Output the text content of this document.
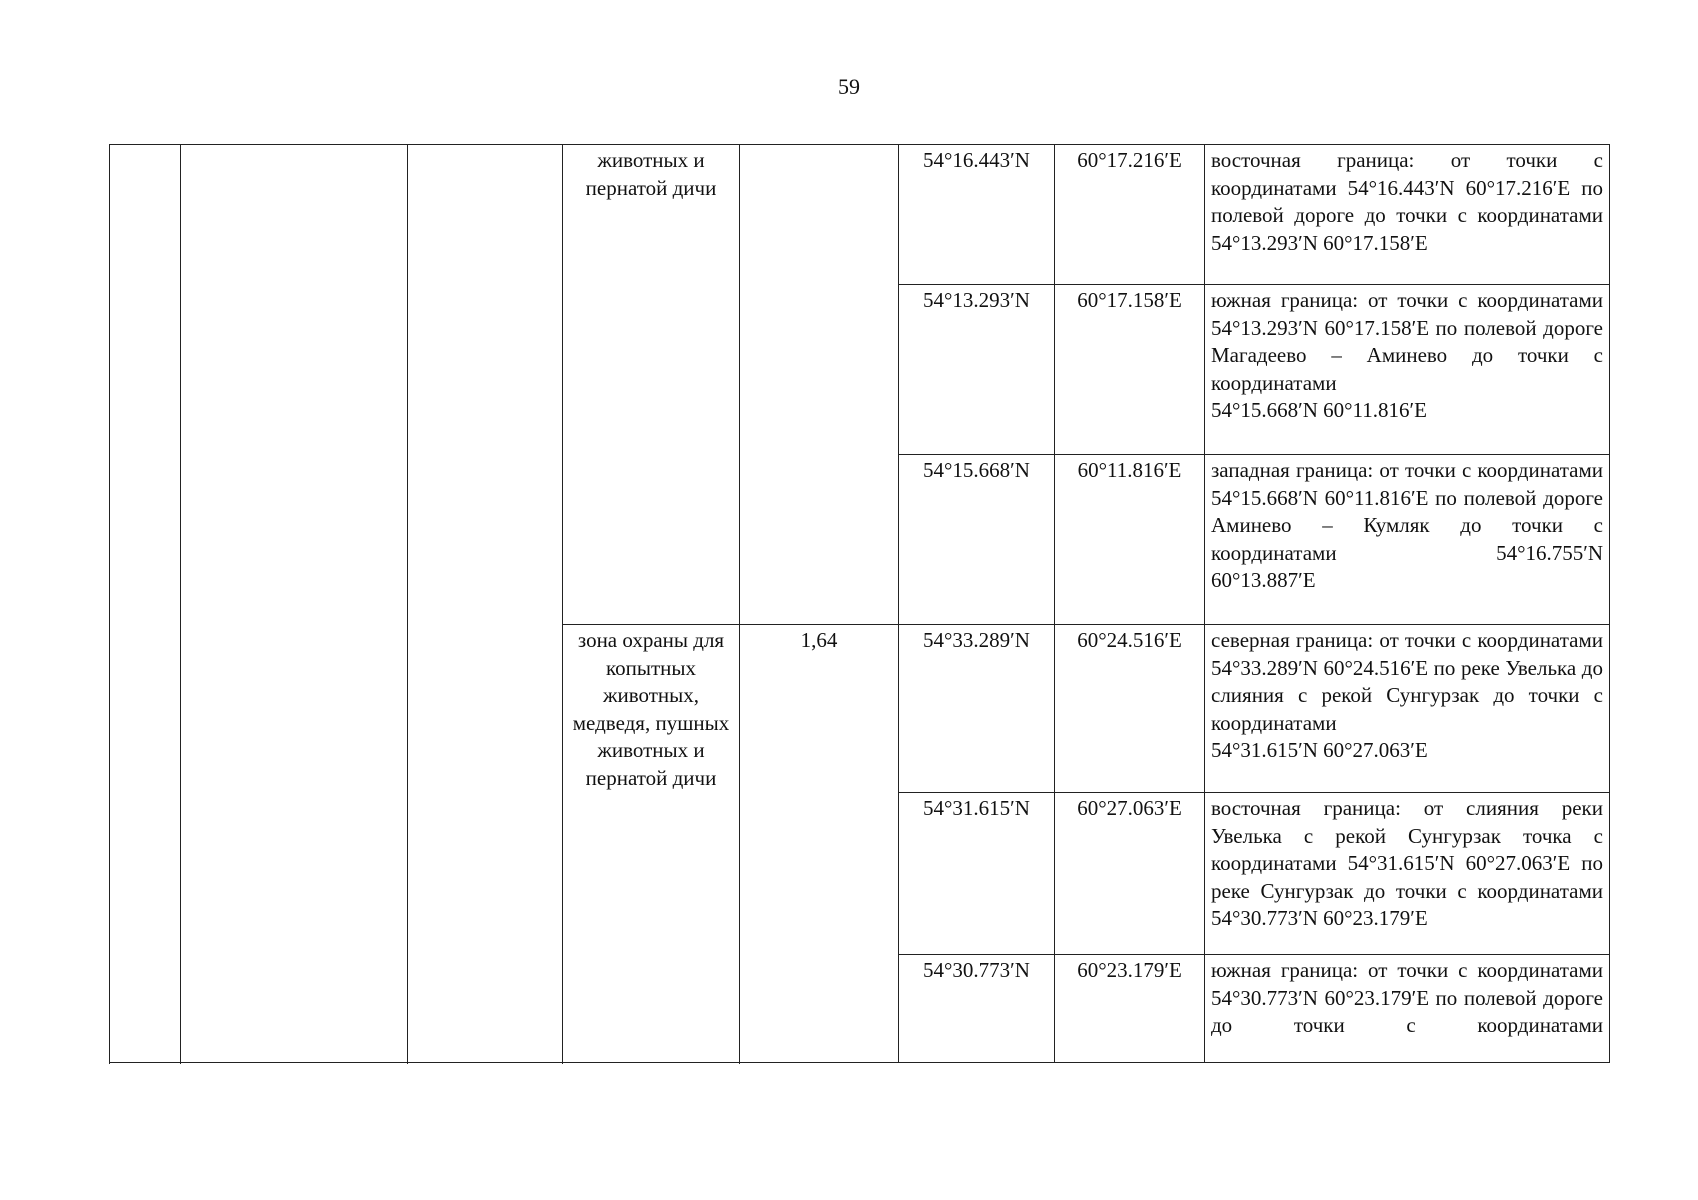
59
			животных и пернатой дичи		54°16.443′N	60°17.216′E	восточная граница: от точки с координатами 54°16.443′N 60°17.216′E по полевой дороге до точки с координатами
54°13.293′N 60°17.158′E

					54°13.293′N	60°17.158′E	южная граница: от точки с координатами 54°13.293′N 60°17.158′E по полевой дороге Магадеево – Аминево до точки с координатами
54°15.668′N 60°11.816′E

					54°15.668′N	60°11.816′E	западная граница: от точки с координатами 54°15.668′N 60°11.816′E по полевой дороге Аминево – Кумляк до точки с координатами 54°16.755′N
60°13.887′E

			зона охраны для копытных животных, медведя, пушных животных и пернатой дичи	1,64	54°33.289′N	60°24.516′E	северная граница: от точки с координатами 54°33.289′N 60°24.516′E по реке Увелька до слияния с рекой Сунгурзак до точки с координатами
54°31.615′N 60°27.063′E

					54°31.615′N	60°27.063′E	восточная граница: от слияния реки Увелька с рекой Сунгурзак точка с координатами 54°31.615′N 60°27.063′E по реке Сунгурзак до точки с координатами
54°30.773′N 60°23.179′E

					54°30.773′N	60°23.179′E	южная граница: от точки с координатами 54°30.773′N 60°23.179′E по полевой дороге до точки с координатами
